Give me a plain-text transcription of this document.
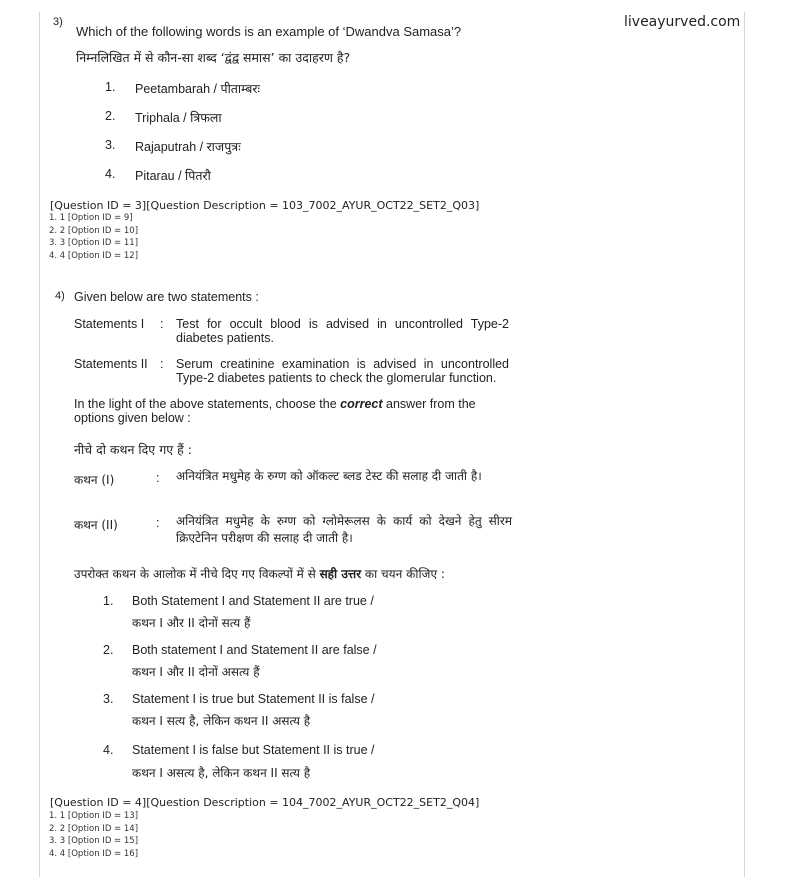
liveayurved.com
3)
Which of the following words is an example of ‘Dwandva Samasa’?
निम्नलिखित में से कौन-सा शब्द ‘द्वंद्व समास’ का उदाहरण है?
1. Peetambarah / पीताम्बरः
2. Triphala / त्रिफला
3. Rajaputrah / राजपुत्रः
4. Pitarau / पितरौ
[Question ID = 3][Question Description = 103_7002_AYUR_OCT22_SET2_Q03]
1. 1 [Option ID = 9]
2. 2 [Option ID = 10]
3. 3 [Option ID = 11]
4. 4 [Option ID = 12]
4) Given below are two statements :
Statements I : Test for occult blood is advised in uncontrolled Type-2 diabetes patients.
Statements II : Serum creatinine examination is advised in uncontrolled Type-2 diabetes patients to check the glomerular function.
In the light of the above statements, choose the correct answer from the options given below :
नीचे दो कथन दिए गए हैं :
कथन (I)	: अनियंत्रित मधुमेह के रुग्ण को ऑकल्ट ब्लड टेस्ट की सलाह दी जाती है।
कथन (II)	: अनियंत्रित मधुमेह के रुग्ण को ग्लोमेरूलस के कार्य को देखने हेतु सीरम क्रिएटेनिन परीक्षण की सलाह दी जाती है।
उपरोक्त कथन के आलोक में नीचे दिए गए विकल्पों में से सही उत्तर का चयन कीजिए :
1. Both Statement I and Statement II are true /
कथन I और II दोनों सत्य हैं
2. Both statement I and Statement II are false /
कथन I और II दोनों असत्य हैं
3. Statement I is true but Statement II is false /
कथन I सत्य है, लेकिन कथन II असत्य है
4. Statement I is false but Statement II is true /
कथन I असत्य है, लेकिन कथन II सत्य है
[Question ID = 4][Question Description = 104_7002_AYUR_OCT22_SET2_Q04]
1. 1 [Option ID = 13]
2. 2 [Option ID = 14]
3. 3 [Option ID = 15]
4. 4 [Option ID = 16]
